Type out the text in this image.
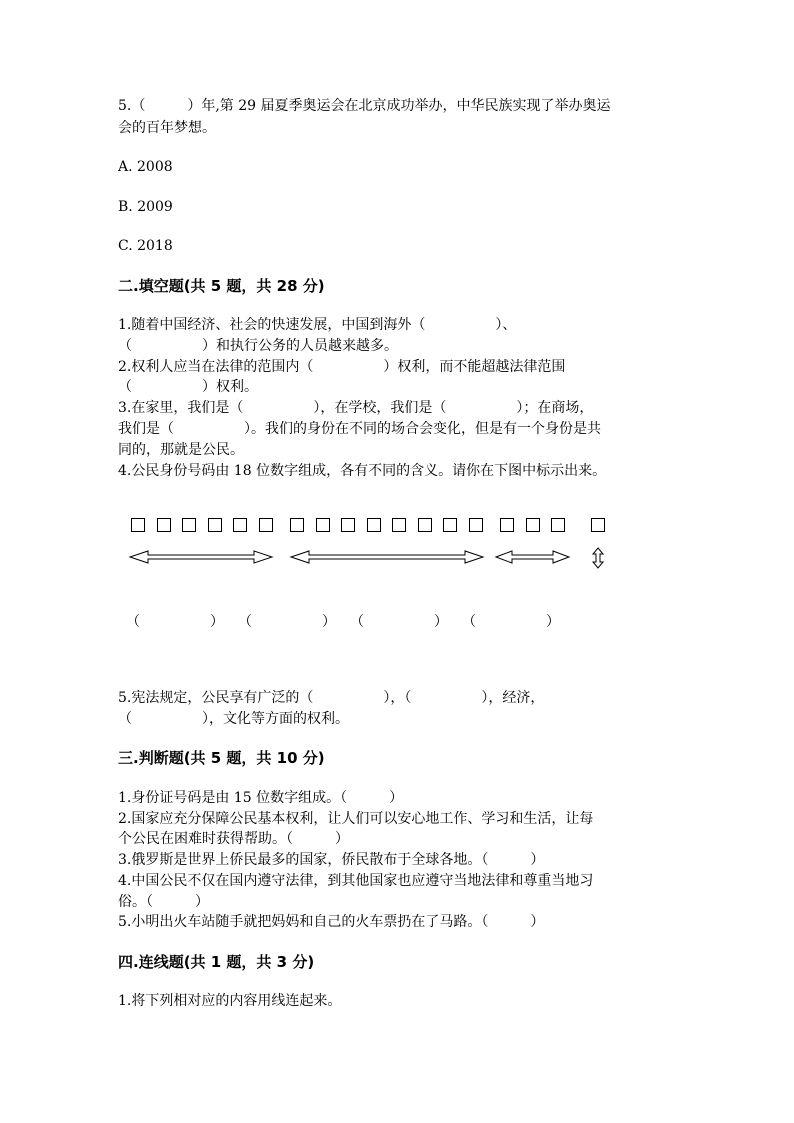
5.（　　　）年,第 29 届夏季奥运会在北京成功举办，中华民族实现了举办奥运
会的百年梦想。
A. 2008
B. 2009
C. 2018
二.填空题(共 5 题，共 28 分)
1.随着中国经济、社会的快速发展，中国到海外（　　　　　）、
（　　　　　）和执行公务的人员越来越多。
2.权利人应当在法律的范围内（　　　　　）权利，而不能超越法律范围
（　　　　　）权利。
3.在家里，我们是（　　　　　），在学校，我们是（　　　　　）；在商场，
我们是（　　　　　）。我们的身份在不同的场合会变化，但是有一个身份是共
同的，那就是公民。
4.公民身份号码由 18 位数字组成，各有不同的含义。请你在下图中标示出来。
（　　　　　） （　　　　　） （　　　　　） （　　　　　）
5.宪法规定，公民享有广泛的（　　　　　），（　　　　　），经济，
（　　　　　），文化等方面的权利。
三.判断题(共 5 题，共 10 分)
1.身份证号码是由 15 位数字组成。（　　　）
2.国家应充分保障公民基本权利，让人们可以安心地工作、学习和生活，让每
个公民在困难时获得帮助。（　　　）
3.俄罗斯是世界上侨民最多的国家，侨民散布于全球各地。（　　　）
4.中国公民不仅在国内遵守法律，到其他国家也应遵守当地法律和尊重当地习
俗。（　　　）
5.小明出火车站随手就把妈妈和自己的火车票扔在了马路。（　　　）
四.连线题(共 1 题，共 3 分)
1.将下列相对应的内容用线连起来。
